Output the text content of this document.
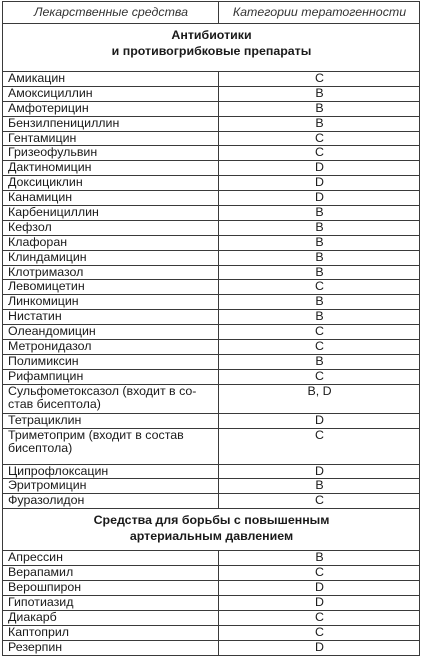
Лекарственные средства	Категории тератогенности

Антибиотики
и противогрибковые препараты	

Амикацин	C
Амоксициллин	B
Амфотерицин	B
Бензилпенициллин	B
Гентамицин	C
Гризеофульвин	C
Дактиномицин	D
Доксициклин	D
Канамицин	D
Карбенициллин	B
Кефзол	B
Клафоран	B
Клиндамицин	B
Клотримазол	B
Левомицетин	C
Линкомицин	B
Нистатин	B
Олеандомицин	C
Метронидазол	C
Полимиксин	B
Рифампицин	C
Сульфометоксазол (входит в со-
став бисептола)	B, D
Тетрациклин	D
Триметоприм (входит в состав
бисептола)	C
Ципрофлоксацин	D
Эритромицин	B
Фуразолидон	C

Средства для борьбы с повышенным
артериальным давлением	

Апрессин	B
Верапамил	C
Верошпирон	D
Гипотиазид	D
Диакарб	C
Каптоприл	C
Резерпин	D
